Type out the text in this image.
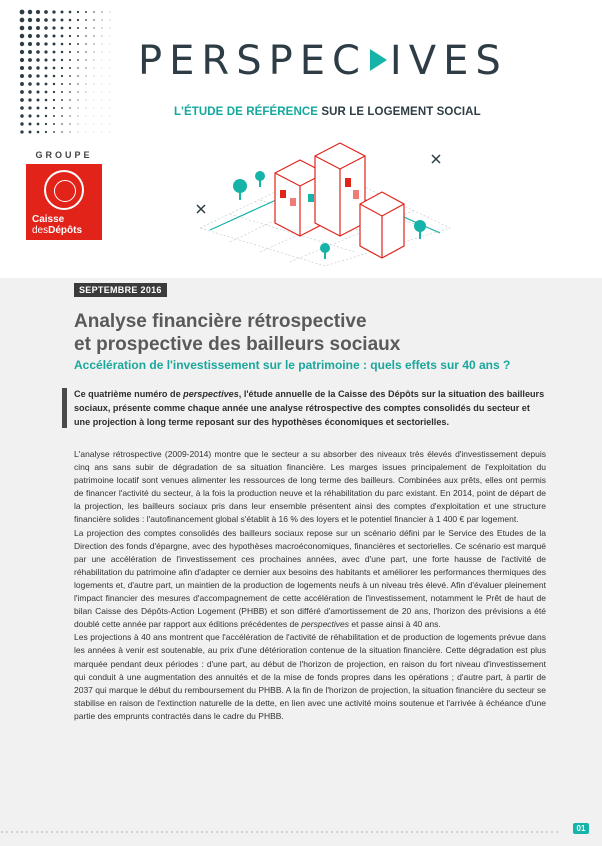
GROUPE
Caisse
desDépôts
PERSPEC IVES
L'ÉTUDE DE RÉFÉRENCE SUR LE LOGEMENT SOCIAL
SEPTEMBRE 2016
Analyse financière rétrospective
et prospective des bailleurs sociaux
Accélération de l'investissement sur le patrimoine : quels effets sur 40 ans ?

Ce quatrième numéro de perspectives, l'étude annuelle de la Caisse des Dépôts sur la situation des bailleurs sociaux, présente comme chaque année une analyse rétrospective des comptes consolidés du secteur et une projection à long terme reposant sur des hypothèses économiques et sectorielles.

L'analyse rétrospective (2009-2014) montre que le secteur a su absorber des niveaux très élevés d'investissement depuis cinq ans sans subir de dégradation de sa situation financière. Les marges issues principalement de l'exploitation du patrimoine locatif sont venues alimenter les ressources de long terme des bailleurs. Combinées aux prêts, elles ont permis de financer l'activité du secteur, à la fois la production neuve et la réhabilitation du parc existant. En 2014, point de départ de la projection, les bailleurs sociaux pris dans leur ensemble présentent ainsi des comptes d'exploitation et une structure financière solides : l'autofinancement global s'établit à 16 % des loyers et le potentiel financier à 1 400 € par logement.

La projection des comptes consolidés des bailleurs sociaux repose sur un scénario défini par le Service des Etudes de la Direction des fonds d'épargne, avec des hypothèses macroéconomiques, financières et sectorielles. Ce scénario est marqué par une accélération de l'investissement ces prochaines années, avec d'une part, une forte hausse de l'activité de réhabilitation du patrimoine afin d'adapter ce dernier aux besoins des habitants et améliorer les performances thermiques des logements et, d'autre part, un maintien de la production de logements neufs à un niveau très élevé. Afin d'évaluer pleinement l'impact financier des mesures d'accompagnement de cette accélération de l'investissement, notamment le Prêt de haut de bilan Caisse des Dépôts-Action Logement (PHBB) et son différé d'amortissement de 20 ans, l'horizon des prévisions a été doublé cette année par rapport aux éditions précédentes de perspectives et passe ainsi à 40 ans.

Les projections à 40 ans montrent que l'accélération de l'activité de réhabilitation et de production de logements prévue dans les années à venir est soutenable, au prix d'une détérioration contenue de la situation financière. Cette dégradation est plus marquée pendant deux périodes : d'une part, au début de l'horizon de projection, en raison du fort niveau d'investissement qui conduit à une augmentation des annuités et de la mise de fonds propres dans les opérations ; d'autre part, à partir de 2037 qui marque le début du remboursement du PHBB. A la fin de l'horizon de projection, la situation financière du secteur se stabilise en raison de l'extinction naturelle de la dette, en lien avec une activité moins soutenue et l'arrivée à échéance d'une partie des emprunts contractés dans le cadre du PHBB.

01
